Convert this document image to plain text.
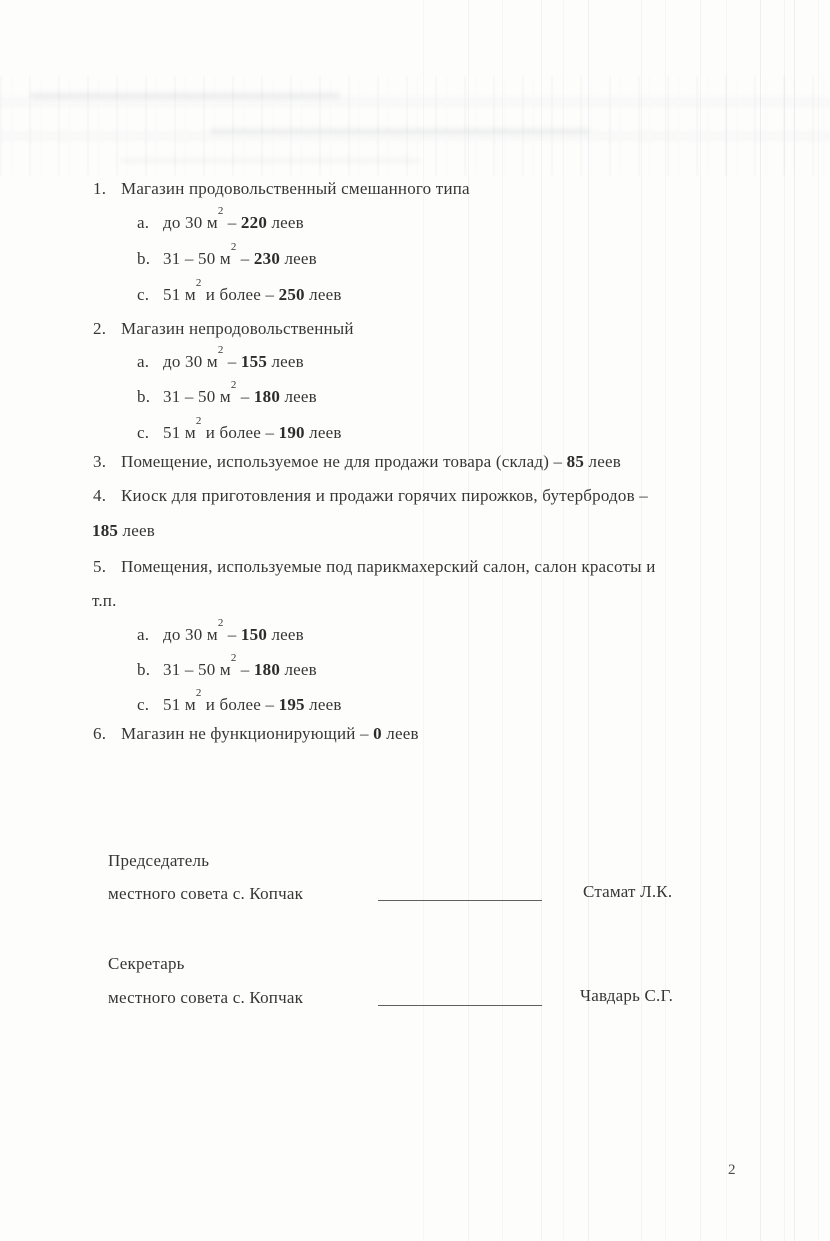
1. Магазин продовольственный смешанного типа
a. до 30 $м^2 - 220$ леев
b. 31 – 50 $м^2 - 230$ леев
c. 51 $м^2$ и более – 250 леев
2. Магазин непродовольственный
a. до 30 $м^2 - 155$ леев
b. 31 – 50 $м^2 - 180$ леев
c. 51 $м^2$ и более – 190 леев
3. Помещение, используемое не для продажи товара (склад) – 85 леев
4. Киоск для приготовления и продажи горячих пирожков, бутербродов –
185 леев
5. Помещения, используемые под парикмахерский салон, салон красоты и
т.п.
a. до 30 $м^2 - 150$ леев
b. 31 – 50 $м^2 - 180$ леев
c. 51 $м^2$ и более – 195 леев
6. Магазин не функционирующий – 0 леев
Председатель
местного совета с. Копчак	Стамат Л.К.
Секретарь
местного совета с. Копчак	Чавдарь С.Г.
2
